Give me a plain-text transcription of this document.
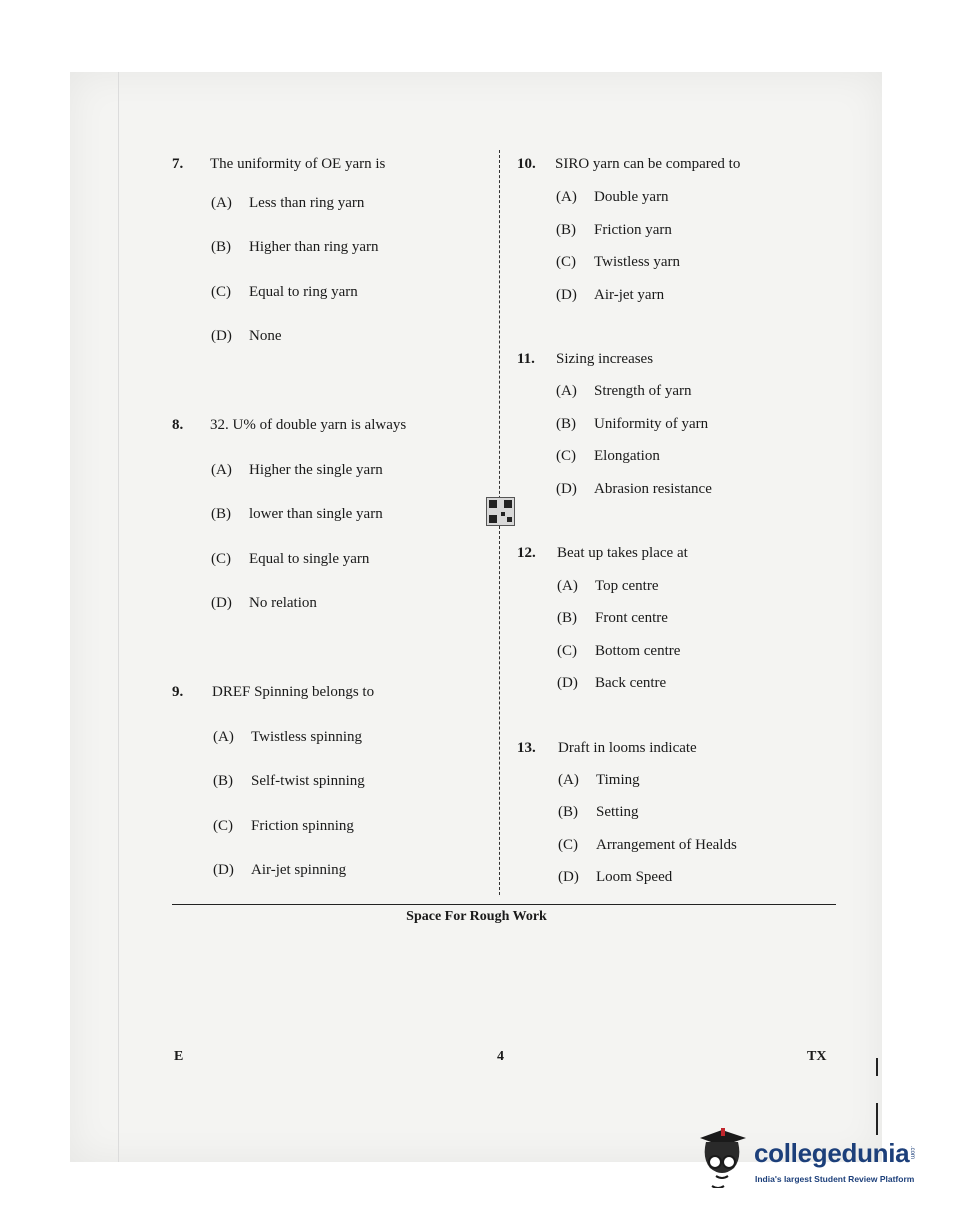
7. The uniformity of OE yarn is
(A) Less than ring yarn
(B) Higher than ring yarn
(C) Equal to ring yarn
(D) None
8. 32. U% of double yarn is always
(A) Higher the single yarn
(B) lower than single yarn
(C) Equal to single yarn
(D) No relation
9. DREF Spinning belongs to
(A) Twistless spinning
(B) Self-twist spinning
(C) Friction spinning
(D) Air-jet spinning
10. SIRO yarn can be compared to
(A) Double yarn
(B) Friction yarn
(C) Twistless yarn
(D) Air-jet yarn
11. Sizing increases
(A) Strength of yarn
(B) Uniformity of yarn
(C) Elongation
(D) Abrasion resistance
12. Beat up takes place at
(A) Top centre
(B) Front centre
(C) Bottom centre
(D) Back centre
13. Draft in looms indicate
(A) Timing
(B) Setting
(C) Arrangement of Healds
(D) Loom Speed
Space For Rough Work
E	4	TX
collegedunia .com
India's largest Student Review Platform
